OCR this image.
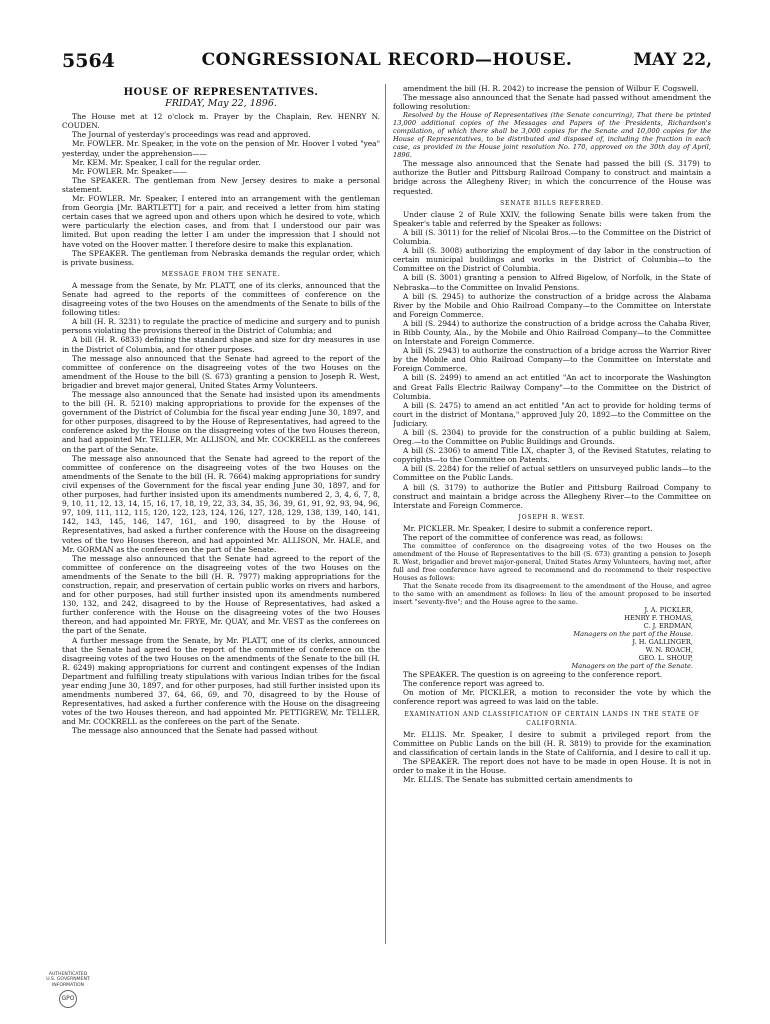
5564	CONGRESSIONAL RECORD—HOUSE.	MAY 22,
HOUSE OF REPRESENTATIVES.
FRIDAY, May 22, 1896.

The House met at 12 o'clock m. Prayer by the Chaplain, Rev. HENRY N. COUDEN.

The Journal of yesterday's proceedings was read and approved.

Mr. FOWLER. Mr. Speaker, in the vote on the pension of Mr. Hoover I voted "yea" yesterday, under the apprehension——

Mr. KEM. Mr. Speaker, I call for the regular order.

Mr. FOWLER. Mr. Speaker——

The SPEAKER. The gentleman from New Jersey desires to make a personal statement.

Mr. FOWLER. Mr. Speaker, I entered into an arrangement with the gentleman from Georgia [Mr. BARTLETT] for a pair, and received a letter from him stating certain cases that we agreed upon and others upon which he desired to vote, which were particularly the election cases, and from that I understood our pair was limited. But upon reading the letter I am under the impression that I should not have voted on the Hoover matter. I therefore desire to make this explanation.

The SPEAKER. The gentleman from Nebraska demands the regular order, which is private business.

MESSAGE FROM THE SENATE.

A message from the Senate, by Mr. PLATT, one of its clerks, announced that the Senate had agreed to the reports of the committees of conference on the disagreeing votes of the two Houses on the amendments of the Senate to bills of the following titles:

A bill (H. R. 3231) to regulate the practice of medicine and surgery and to punish persons violating the provisions thereof in the District of Columbia; and

A bill (H. R. 6833) defining the standard shape and size for dry measures in use in the District of Columbia, and for other purposes.

The message also announced that the Senate had agreed to the report of the committee of conference on the disagreeing votes of the two Houses on the amendment of the House to the bill (S. 673) granting a pension to Joseph R. West, brigadier and brevet major general, United States Army Volunteers.

The message also announced that the Senate had insisted upon its amendments to the bill (H. R. 5210) making appropriations to provide for the expenses of the government of the District of Columbia for the fiscal year ending June 30, 1897, and for other purposes, disagreed to by the House of Representatives, had agreed to the conference asked by the House on the disagreeing votes of the two Houses thereon, and had appointed Mr. TELLER, Mr. ALLISON, and Mr. COCKRELL as the conferees on the part of the Senate.

The message also announced that the Senate had agreed to the report of the committee of conference on the disagreeing votes of the two Houses on the amendments of the Senate to the bill (H. R. 7664) making appropriations for sundry civil expenses of the Government for the fiscal year ending June 30, 1897, and for other purposes, had further insisted upon its amendments numbered 2, 3, 4, 6, 7, 8, 9, 10, 11, 12, 13, 14, 15, 16, 17, 18, 19, 22, 33, 34, 35, 36, 39, 61, 91, 92, 93, 94, 96, 97, 109, 111, 112, 115, 120, 122, 123, 124, 126, 127, 128, 129, 138, 139, 140, 141, 142, 143, 145, 146, 147, 161, and 190, disagreed to by the House of Representatives, had asked a further conference with the House on the disagreeing votes of the two Houses thereon, and had appointed Mr. ALLISON, Mr. HALE, and Mr. GORMAN as the conferees on the part of the Senate.

The message also announced that the Senate had agreed to the report of the committee of conference on the disagreeing votes of the two Houses on the amendments of the Senate to the bill (H. R. 7977) making appropriations for the construction, repair, and preservation of certain public works on rivers and harbors, and for other purposes, had still further insisted upon its amendments numbered 130, 132, and 242, disagreed to by the House of Representatives, had asked a further conference with the House on the disagreeing votes of the two Houses thereon, and had appointed Mr. FRYE, Mr. QUAY, and Mr. VEST as the conferees on the part of the Senate.

A further message from the Senate, by Mr. PLATT, one of its clerks, announced that the Senate had agreed to the report of the committee of conference on the disagreeing votes of the two Houses on the amendments of the Senate to the bill (H. R. 6249) making appropriations for current and contingent expenses of the Indian Department and fulfilling treaty stipulations with various Indian tribes for the fiscal year ending June 30, 1897, and for other purposes, had still further insisted upon its amendments numbered 37, 64, 66, 69, and 70, disagreed to by the House of Representatives, had asked a further conference with the House on the disagreeing votes of the two Houses thereon, and had appointed Mr. PETTIGREW, Mr. TELLER, and Mr. COCKRELL as the conferees on the part of the Senate.

The message also announced that the Senate had passed without

amendment the bill (H. R. 2042) to increase the pension of Wilbur F. Cogswell.

The message also announced that the Senate had passed without amendment the following resolution:

Resolved by the House of Representatives (the Senate concurring), That there be printed 13,000 additional copies of the Messages and Papers of the Presidents, Richardson's compilation, of which there shall be 3,000 copies for the Senate and 10,000 copies for the House of Representatives, to be distributed and disposed of, including the fraction in each case, as provided in the House joint resolution No. 170, approved on the 30th day of April, 1896.

The message also announced that the Senate had passed the bill (S. 3179) to authorize the Butler and Pittsburg Railroad Company to construct and maintain a bridge across the Allegheny River; in which the concurrence of the House was requested.

SENATE BILLS REFERRED.

Under clause 2 of Rule XXIV, the following Senate bills were taken from the Speaker's table and referred by the Speaker as follows:

A bill (S. 3011) for the relief of Nicolai Bros.—to the Committee on the District of Columbia.

A bill (S. 3008) authorizing the employment of day labor in the construction of certain municipal buildings and works in the District of Columbia—to the Committee on the District of Columbia.

A bill (S. 3001) granting a pension to Alfred Bigelow, of Norfolk, in the State of Nebraska—to the Committee on Invalid Pensions.

A bill (S. 2945) to authorize the construction of a bridge across the Alabama River by the Mobile and Ohio Railroad Company—to the Committee on Interstate and Foreign Commerce.

A bill (S. 2944) to authorize the construction of a bridge across the Cahaba River, in Bibb County, Ala., by the Mobile and Ohio Railroad Company—to the Committee on Interstate and Foreign Commerce.

A bill (S. 2943) to authorize the construction of a bridge across the Warrior River by the Mobile and Ohio Railroad Company—to the Committee on Interstate and Foreign Commerce.

A bill (S. 2499) to amend an act entitled "An act to incorporate the Washington and Great Falls Electric Railway Company"—to the Committee on the District of Columbia.

A bill (S. 2475) to amend an act entitled "An act to provide for holding terms of court in the district of Montana," approved July 20, 1892—to the Committee on the Judiciary.

A bill (S. 2304) to provide for the construction of a public building at Salem, Oreg.—to the Committee on Public Buildings and Grounds.

A bill (S. 2306) to amend Title LX, chapter 3, of the Revised Statutes, relating to copyrights—to the Committee on Patents.

A bill (S. 2284) for the relief of actual settlers on unsurveyed public lands—to the Committee on the Public Lands.

A bill (S. 3179) to authorize the Butler and Pittsburg Railroad Company to construct and maintain a bridge across the Allegheny River—to the Committee on Interstate and Foreign Commerce.

JOSEPH R. WEST.

Mr. PICKLER. Mr. Speaker, I desire to submit a conference report.

The report of the committee of conference was read, as follows:

The committee of conference on the disagreeing votes of the two Houses on the amendment of the House of Representatives to the bill (S. 673) granting a pension to Joseph R. West, brigadier and brevet major-general, United States Army Volunteers, having met, after full and free conference have agreed to recommend and do recommend to their respective Houses as follows:

That the Senate recede from its disagreement to the amendment of the House, and agree to the same with an amendment as follows: In lieu of the amount proposed to be inserted insert "seventy-five"; and the House agree to the same.

J. A. PICKLER,
HENRY F. THOMAS,
C. J. ERDMAN,
Managers on the part of the House.
J. H. GALLINGER,
W. N. ROACH,
GEO. L. SHOUP,
Managers on the part of the Senate.

The SPEAKER. The question is on agreeing to the conference report.

The conference report was agreed to.

On motion of Mr. PICKLER, a motion to reconsider the vote by which the conference report was agreed to was laid on the table.

EXAMINATION AND CLASSIFICATION OF CERTAIN LANDS IN THE STATE OF CALIFORNIA.

Mr. ELLIS. Mr. Speaker, I desire to submit a privileged report from the Committee on Public Lands on the bill (H. R. 3819) to provide for the examination and classification of certain lands in the State of California, and I desire to call it up.

The SPEAKER. The report does not have to be made in open House. It is not in order to make it in the House.

Mr. ELLIS. The Senate has submitted certain amendments to

AUTHENTICATED
U.S. GOVERNMENT
INFORMATION
GPO
